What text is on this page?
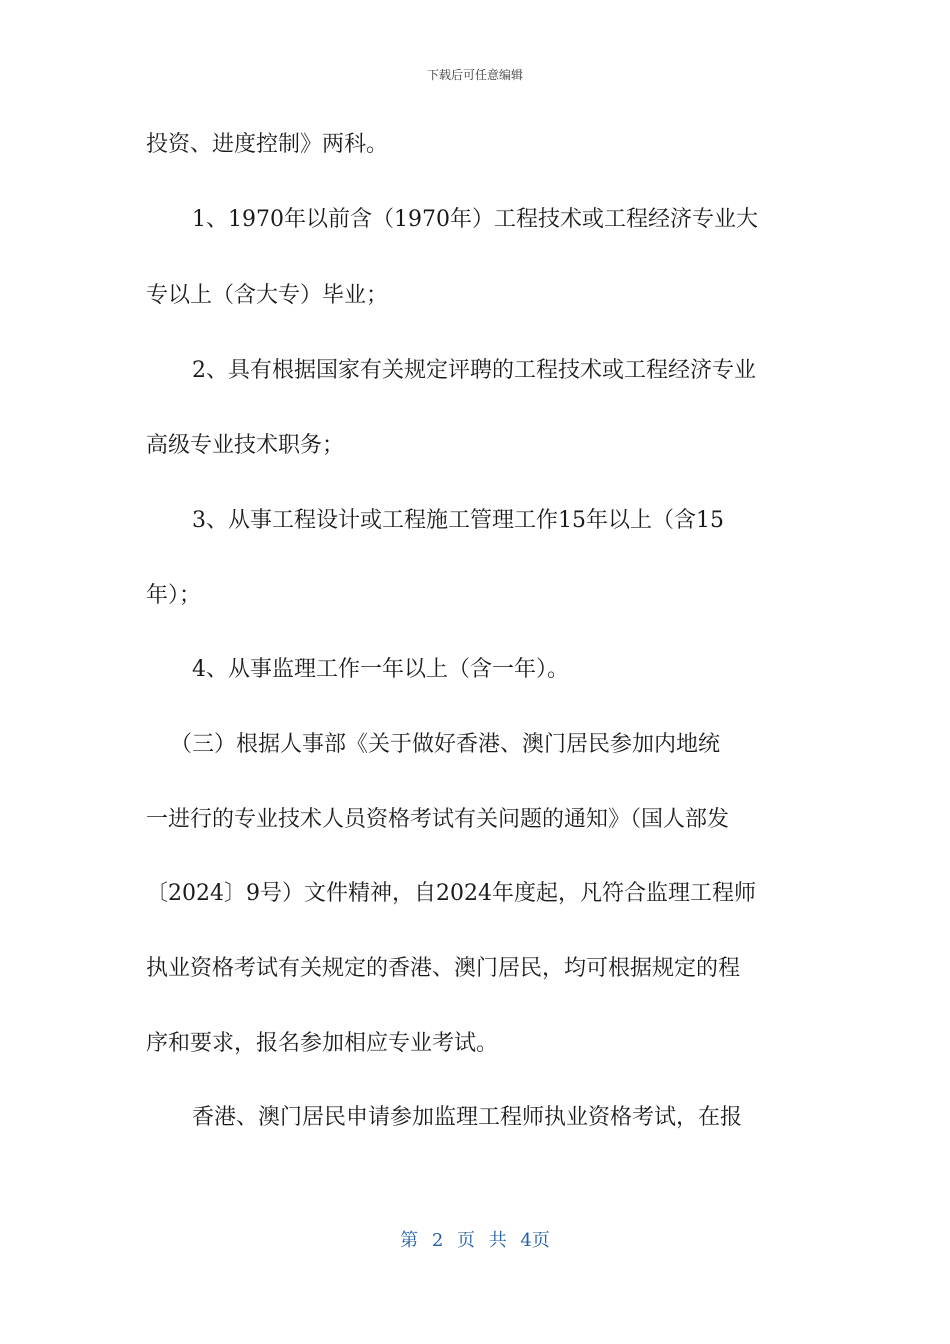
下载后可任意编辑
投资、进度控制》两科。
1、1970年以前含（1970年）工程技术或工程经济专业大
专以上（含大专）毕业；
2、具有根据国家有关规定评聘的工程技术或工程经济专业
高级专业技术职务；
3、从事工程设计或工程施工管理工作15年以上（含15
年）；
4、从事监理工作一年以上（含一年）。
（三）根据人事部《关于做好香港、澳门居民参加内地统
一进行的专业技术人员资格考试有关问题的通知》（国人部发
〔2024〕9号）文件精神，自2024年度起，凡符合监理工程师
执业资格考试有关规定的香港、澳门居民，均可根据规定的程
序和要求，报名参加相应专业考试。
香港、澳门居民申请参加监理工程师执业资格考试，在报
第 2 页 共 4页
